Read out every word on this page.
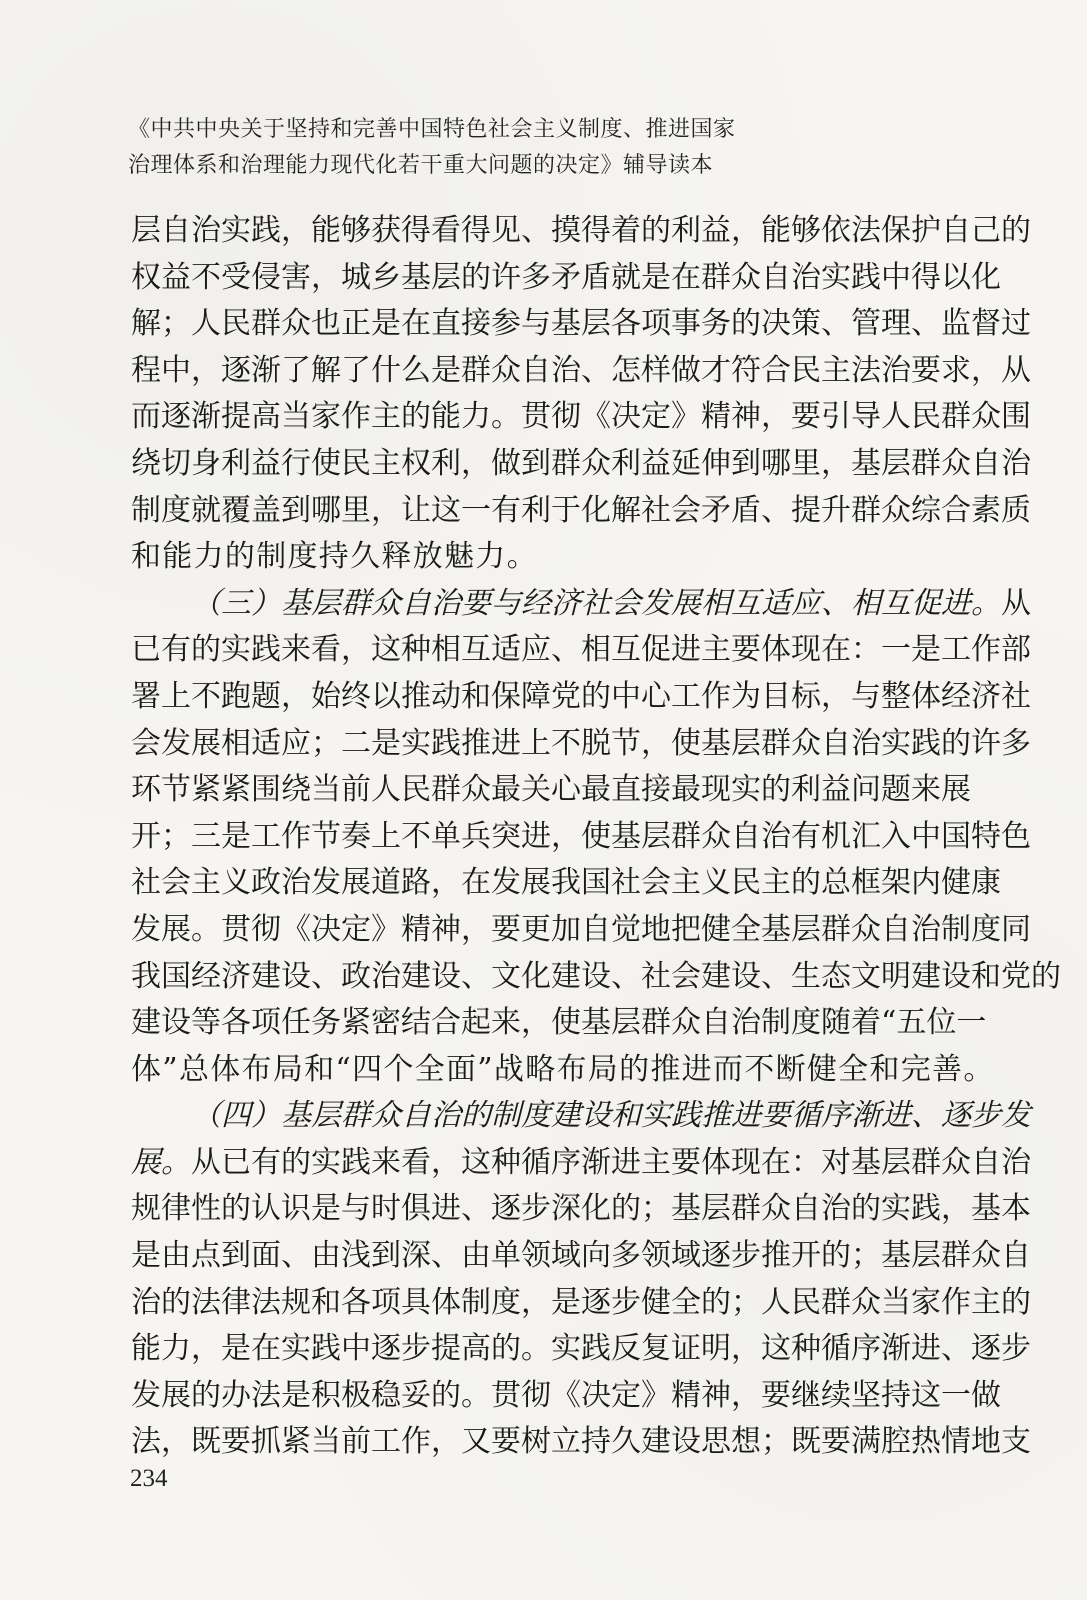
《中共中央关于坚持和完善中国特色社会主义制度、推进国家
治理体系和治理能力现代化若干重大问题的决定》辅导读本
层 自 治 实 践 ， 能 够 获 得 看 得 见 、 摸 得 着 的 利 益 ， 能 够 依 法 保 护 自 己 的
权 益 不 受 侵 害 ， 城 乡 基 层 的 许 多 矛 盾 就 是 在 群 众 自 治 实 践 中 得 以 化
解 ； 人 民 群 众 也 正 是 在 直 接 参 与 基 层 各 项 事 务 的 决 策 、 管 理 、 监 督 过
程 中 ， 逐 渐 了 解 了 什 么 是 群 众 自 治 、 怎 样 做 才 符 合 民 主 法 治 要 求 ， 从
而 逐 渐 提 高 当 家 作 主 的 能 力 。 贯 彻 《 决 定 》 精 神 ， 要 引 导 人 民 群 众 围
绕 切 身 利 益 行 使 民 主 权 利 ， 做 到 群 众 利 益 延 伸 到 哪 里 ， 基 层 群 众 自 治
制 度 就 覆 盖 到 哪 里 ， 让 这 一 有 利 于 化 解 社 会 矛 盾 、 提 升 群 众 综 合 素 质
和 能 力 的 制 度 持 久 释 放 魅 力 。
（ 三 ） 基 层 群 众 自 治 要 与 经 济 社 会 发 展 相 互 适 应 、 相 互 促 进 。 从
已 有 的 实 践 来 看 ， 这 种 相 互 适 应 、 相 互 促 进 主 要 体 现 在 ： 一 是 工 作 部
署 上 不 跑 题 ， 始 终 以 推 动 和 保 障 党 的 中 心 工 作 为 目 标 ， 与 整 体 经 济 社
会 发 展 相 适 应 ； 二 是 实 践 推 进 上 不 脱 节 ， 使 基 层 群 众 自 治 实 践 的 许 多
环 节 紧 紧 围 绕 当 前 人 民 群 众 最 关 心 最 直 接 最 现 实 的 利 益 问 题 来 展
开 ； 三 是 工 作 节 奏 上 不 单 兵 突 进 ， 使 基 层 群 众 自 治 有 机 汇 入 中 国 特 色
社 会 主 义 政 治 发 展 道 路 ， 在 发 展 我 国 社 会 主 义 民 主 的 总 框 架 内 健 康
发 展 。 贯 彻 《 决 定 》 精 神 ， 要 更 加 自 觉 地 把 健 全 基 层 群 众 自 治 制 度 同
我 国 经 济 建 设 、 政 治 建 设 、 文 化 建 设 、 社 会 建 设 、 生 态 文 明 建 设 和 党 的
建 设 等 各 项 任 务 紧 密 结 合 起 来 ， 使 基 层 群 众 自 治 制 度 随 着 “ 五 位 一
体 ” 总 体 布 局 和 “ 四 个 全 面 ” 战 略 布 局 的 推 进 而 不 断 健 全 和 完 善 。
（ 四 ） 基 层 群 众 自 治 的 制 度 建 设 和 实 践 推 进 要 循 序 渐 进 、 逐 步 发
展 。 从 已 有 的 实 践 来 看 ， 这 种 循 序 渐 进 主 要 体 现 在 ： 对 基 层 群 众 自 治
规 律 性 的 认 识 是 与 时 俱 进 、 逐 步 深 化 的 ； 基 层 群 众 自 治 的 实 践 ， 基 本
是 由 点 到 面 、 由 浅 到 深 、 由 单 领 域 向 多 领 域 逐 步 推 开 的 ； 基 层 群 众 自
治 的 法 律 法 规 和 各 项 具 体 制 度 ， 是 逐 步 健 全 的 ； 人 民 群 众 当 家 作 主 的
能 力 ， 是 在 实 践 中 逐 步 提 高 的 。 实 践 反 复 证 明 ， 这 种 循 序 渐 进 、 逐 步
发 展 的 办 法 是 积 极 稳 妥 的 。 贯 彻 《 决 定 》 精 神 ， 要 继 续 坚 持 这 一 做
法 ， 既 要 抓 紧 当 前 工 作 ， 又 要 树 立 持 久 建 设 思 想 ； 既 要 满 腔 热 情 地 支
234
